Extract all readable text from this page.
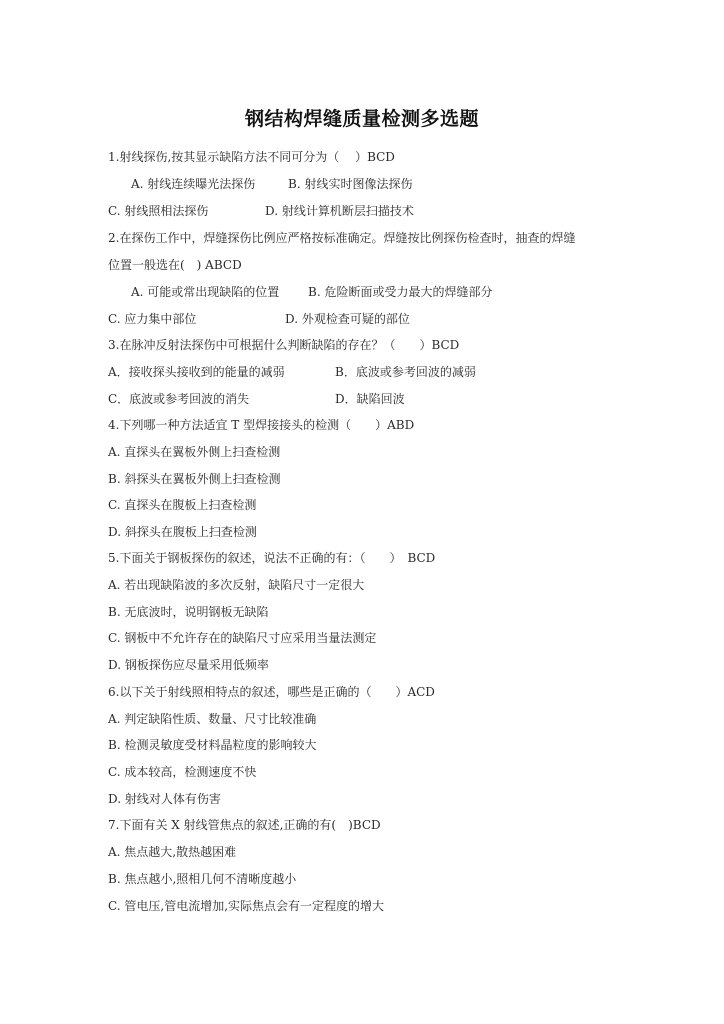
钢结构焊缝质量检测多选题
1.射线探伤,按其显示缺陷方法不同可分为（　 ）BCD
A. 射线连续曝光法探伤	B. 射线实时图像法探伤
C. 射线照相法探伤	D. 射线计算机断层扫描技术
2.在探伤工作中，焊缝探伤比例应严格按标准确定。焊缝按比例探伤检查时，抽查的焊缝
位置一般选在(　) ABCD
A. 可能或常出现缺陷的位置 B. 危险断面或受力最大的焊缝部分
C. 应力集中部位	D. 外观检查可疑的部位
3.在脉冲反射法探伤中可根据什么判断缺陷的存在？（　　）BCD
A．接收探头接收到的能量的减弱	B．底波或参考回波的减弱
C．底波或参考回波的消失	D．缺陷回波
4.下列哪一种方法适宜 T 型焊接接头的检测（　　）ABD
A. 直探头在翼板外侧上扫查检测
B. 斜探头在翼板外侧上扫查检测
C. 直探头在腹板上扫查检测
D. 斜探头在腹板上扫查检测
5.下面关于钢板探伤的叙述，说法不正确的有：（　　）　BCD
A. 若出现缺陷波的多次反射，缺陷尺寸一定很大
B. 无底波时，说明钢板无缺陷
C. 钢板中不允许存在的缺陷尺寸应采用当量法测定
D. 钢板探伤应尽量采用低频率
6.以下关于射线照相特点的叙述，哪些是正确的（　　）ACD
A. 判定缺陷性质、数量、尺寸比较准确
B. 检测灵敏度受材料晶粒度的影响较大
C. 成本较高，检测速度不快
D. 射线对人体有伤害
7.下面有关 X 射线管焦点的叙述,正确的有(　)BCD
A. 焦点越大,散热越困难
B. 焦点越小,照相几何不清晰度越小
C. 管电压,管电流增加,实际焦点会有一定程度的增大
